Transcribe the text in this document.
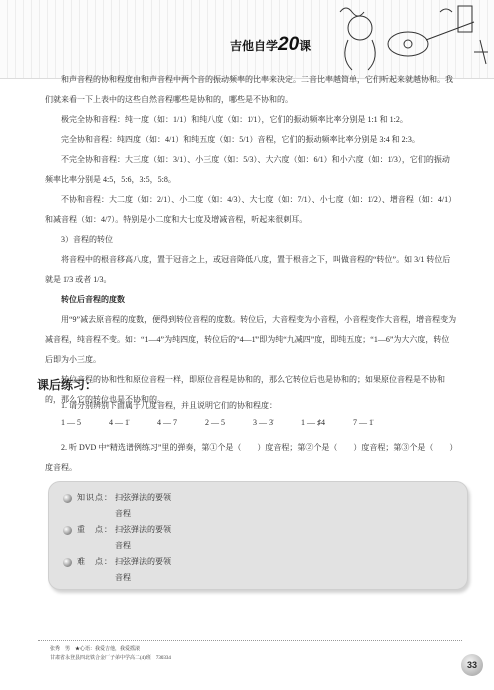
吉他自学20课

和声音程的协和程度由和声音程中两个音的振动频率的比率来决定。二音比率越简单，它们听起来就越协和。我们就来看一下上表中的这些自然音程哪些是协和的，哪些是不协和的。

极完全协和音程：纯一度（如：1/1）和纯八度（如：1̇/1），它们的振动频率比率分别是 1:1 和 1:2。

完全协和音程：纯四度（如：4/1）和纯五度（如：5/1）音程，它们的振动频率比率分别是 3:4 和 2:3。

不完全协和音程：大三度（如：3/1）、小三度（如：5/3）、大六度（如：6/1）和小六度（如：1̇/3），它们的振动频率比率分别是 4:5，5:6，3:5，5:8。

不协和音程：大二度（如：2/1）、小二度（如：4/3）、大七度（如：7/1）、小七度（如：1̇/2）、增音程（如：4/1）和减音程（如：4/7）。特别是小二度和大七度及增减音程，听起来很刺耳。

3）音程的转位

将音程中的根音移高八度，置于冠音之上，或冠音降低八度，置于根音之下，叫做音程的“转位”。如 3/1 转位后就是 1̇/3 或者 1/3。

转位后音程的度数

用“9”减去原音程的度数，便得到转位音程的度数。转位后，大音程变为小音程，小音程变作大音程，增音程变为减音程，纯音程不变。如：“1—4”为纯四度，转位后的“4—1̇”即为纯“九减四”度，即纯五度；“1—6”为大六度，转位后即为小三度。

转位音程的协和性和原位音程一样，即原位音程是协和的，那么它转位后也是协和的；如果原位音程是不协和的，那么它的转位也是不协和的。

课后练习：

1. 请分别辨别下面属于几度音程，并且说明它们的协和程度：

1 — 5	4 — 1̇	4 — 7	2 — 5	3 — 3̇	1 — ♯4	7 — 1̇

2. 听 DVD 中“精选谱例练习”里的弹奏，第①个是（　　）度音程；第②个是（　　）度音程；第③个是（　　）度音程。

知识点： 扫弦弹法的要领
音程
重　点： 扫弦弹法的要领
音程
难　点： 扫弦弹法的要领
音程
张秀　男　★心语：我爱吉他，我爱摇滚
甘肃省永登县四北铁合金厂子弟中学高二(4)班　730334
33
